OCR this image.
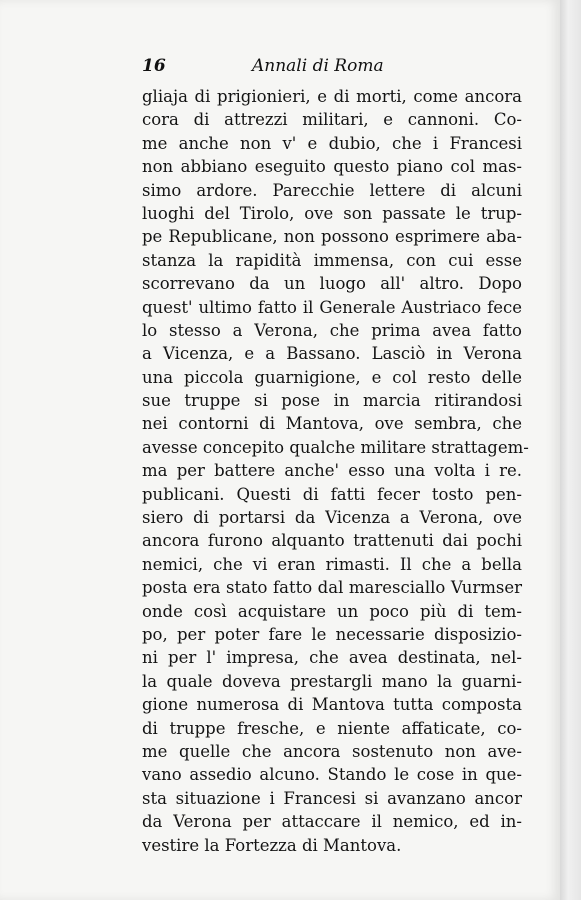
16	Annali di Roma
gliaja di prigionieri, e di morti, come ancora
cora di attrezzi militari, e cannoni. Co-
me anche non v' e dubio, che i Francesi
non abbiano eseguito questo piano col mas-
simo ardore. Parecchie lettere di alcuni
luoghi del Tirolo, ove son passate le trup-
pe Republicane, non possono esprimere aba-
stanza la rapidità immensa, con cui esse
scorrevano da un luogo all' altro. Dopo
quest' ultimo fatto il Generale Austriaco fece
lo stesso a Verona, che prima avea fatto
a Vicenza, e a Bassano. Lasciò in Verona
una piccola guarnigione, e col resto delle
sue truppe si pose in marcia ritirandosi
nei contorni di Mantova, ove sembra, che
avesse concepito qualche militare strattagem-
ma per battere anche' esso una volta i re.
publicani. Questi di fatti fecer tosto pen-
siero di portarsi da Vicenza a Verona, ove
ancora furono alquanto trattenuti dai pochi
nemici, che vi eran rimasti. Il che a bella
posta era stato fatto dal maresciallo Vurmser
onde così acquistare un poco più di tem-
po, per poter fare le necessarie disposizio-
ni per l' impresa, che avea destinata, nel-
la quale doveva prestargli mano la guarni-
gione numerosa di Mantova tutta composta
di truppe fresche, e niente affaticate, co-
me quelle che ancora sostenuto non ave-
vano assedio alcuno. Stando le cose in que-
sta situazione i Francesi si avanzano ancor
da Verona per attaccare il nemico, ed in-
vestire la Fortezza di Mantova.
